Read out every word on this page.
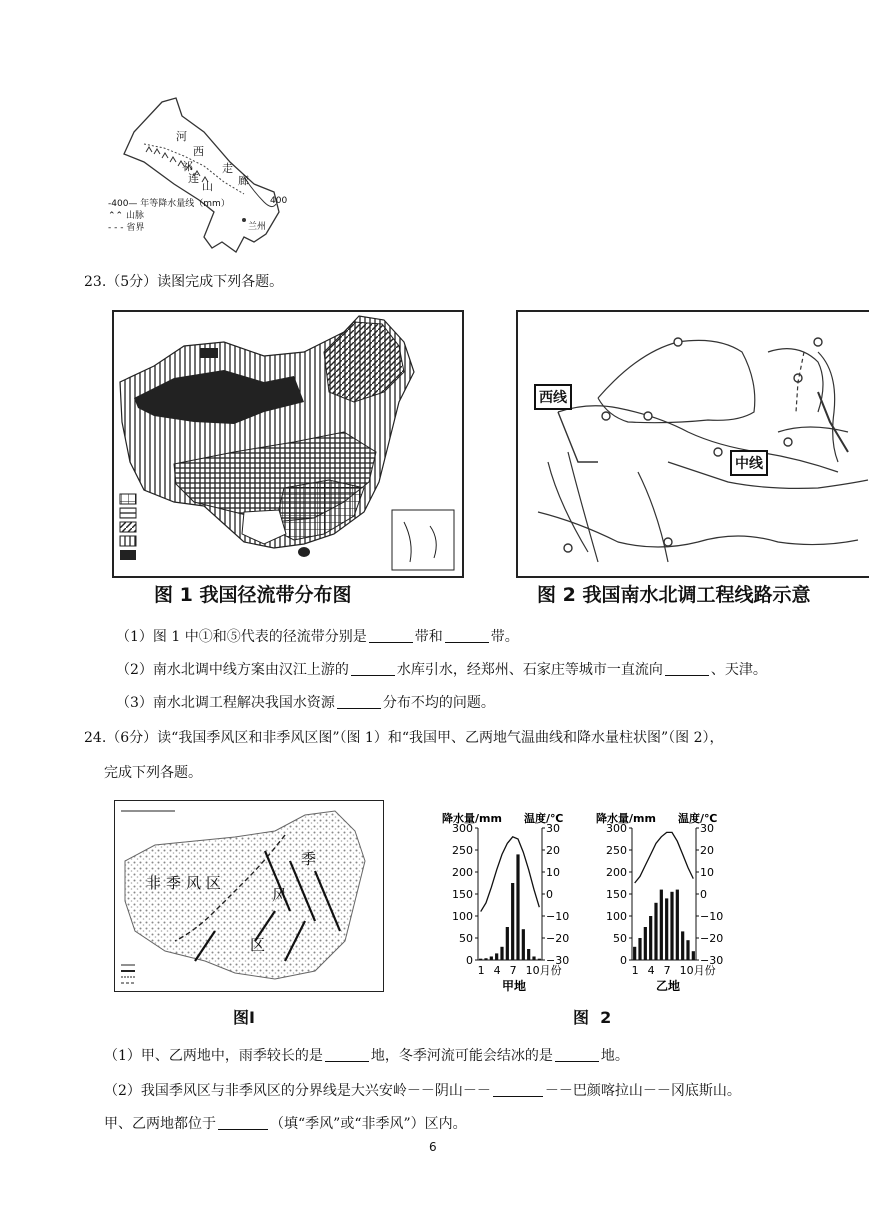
河
西
走
廊
祁
连
山
400
兰州
-400— 年等降水量线（mm）
⌃⌃ 山脉
- - - 省界
23.（5分）读图完成下列各题。
图 1 我国径流带分布图
西线
中线
图 2 我国南水北调工程线路示意
（1）图 1 中①和⑤代表的径流带分别是	带和	带。
（2）南水北调中线方案由汉江上游的	水库引水，经郑州、石家庄等城市一直流向	、天津。
（3）南水北调工程解决我国水资源	分布不均的问题。
24.（6分）读“我国季风区和非季风区图”（图 1）和“我国甲、乙两地气温曲线和降水量柱状图”（图 2），
完成下列各题。
非季风区
季
风
区
图Ⅰ
降水量/mm 温度/℃
300
250
200
150
100
50
0
30
20
10
0
−10
−20
−30
1 4 7 10月份
甲地
降水量/mm 温度/℃
300
250
200
150
100
50
0
30
20
10
0
−10
−20
−30
1 4 7 10月份
乙地
图  2
（1）甲、乙两地中，雨季较长的是	地，冬季河流可能会结冰的是	地。
（2）我国季风区与非季风区的分界线是大兴安岭－－阴山－－	－－巴颜喀拉山－－冈底斯山。
甲、乙两地都位于	（填“季风”或“非季风”）区内。
6
